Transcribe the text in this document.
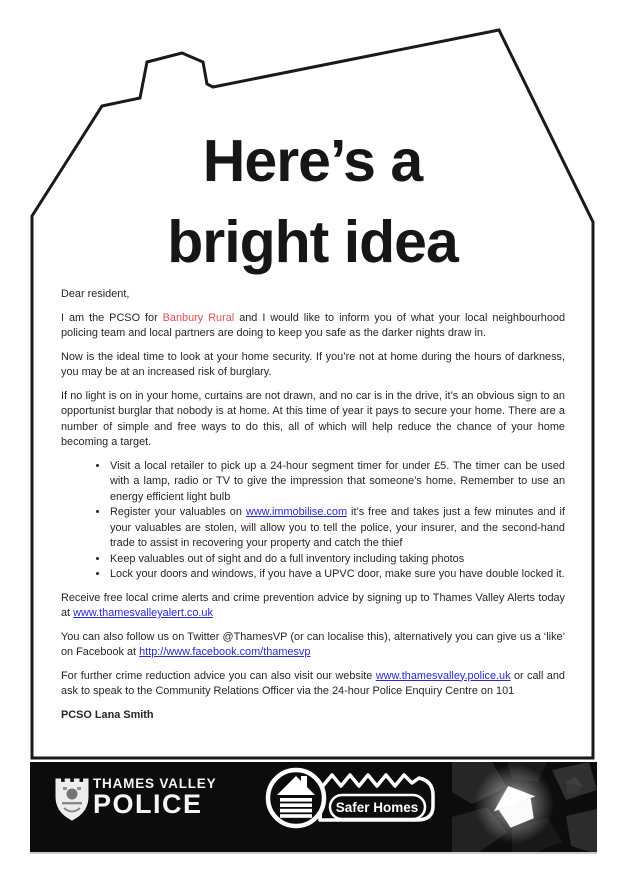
Here’s a
bright idea

Dear resident,

I am the PCSO for Banbury Rural and I would like to inform you of what your local neighbourhood policing team and local partners are doing to keep you safe as the darker nights draw in.

Now is the ideal time to look at your home security. If you’re not at home during the hours of darkness, you may be at an increased risk of burglary.

If no light is on in your home, curtains are not drawn, and no car is in the drive, it’s an obvious sign to an opportunist burglar that nobody is at home. At this time of year it pays to secure your home. There are a number of simple and free ways to do this, all of which will help reduce the chance of your home becoming a target.

• Visit a local retailer to pick up a 24-hour segment timer for under £5. The timer can be used with a lamp, radio or TV to give the impression that someone’s home. Remember to use an energy efficient light bulb
• Register your valuables on www.immobilise.com it’s free and takes just a few minutes and if your valuables are stolen, will allow you to tell the police, your insurer, and the second-hand trade to assist in recovering your property and catch the thief
• Keep valuables out of sight and do a full inventory including taking photos
• Lock your doors and windows, if you have a UPVC door, make sure you have double locked it.

Receive free local crime alerts and crime prevention advice by signing up to Thames Valley Alerts today at www.thamesvalleyalert.co.uk

You can also follow us on Twitter @ThamesVP (or can localise this), alternatively you can give us a ‘like’ on Facebook at http://www.facebook.com/thamesvp

For further crime reduction advice you can also visit our website www.thamesvalley.police.uk or call and ask to speak to the Community Relations Officer via the 24-hour Police Enquiry Centre on 101

PCSO Lana Smith

THAMES VALLEY
POLICE	Safer Homes
